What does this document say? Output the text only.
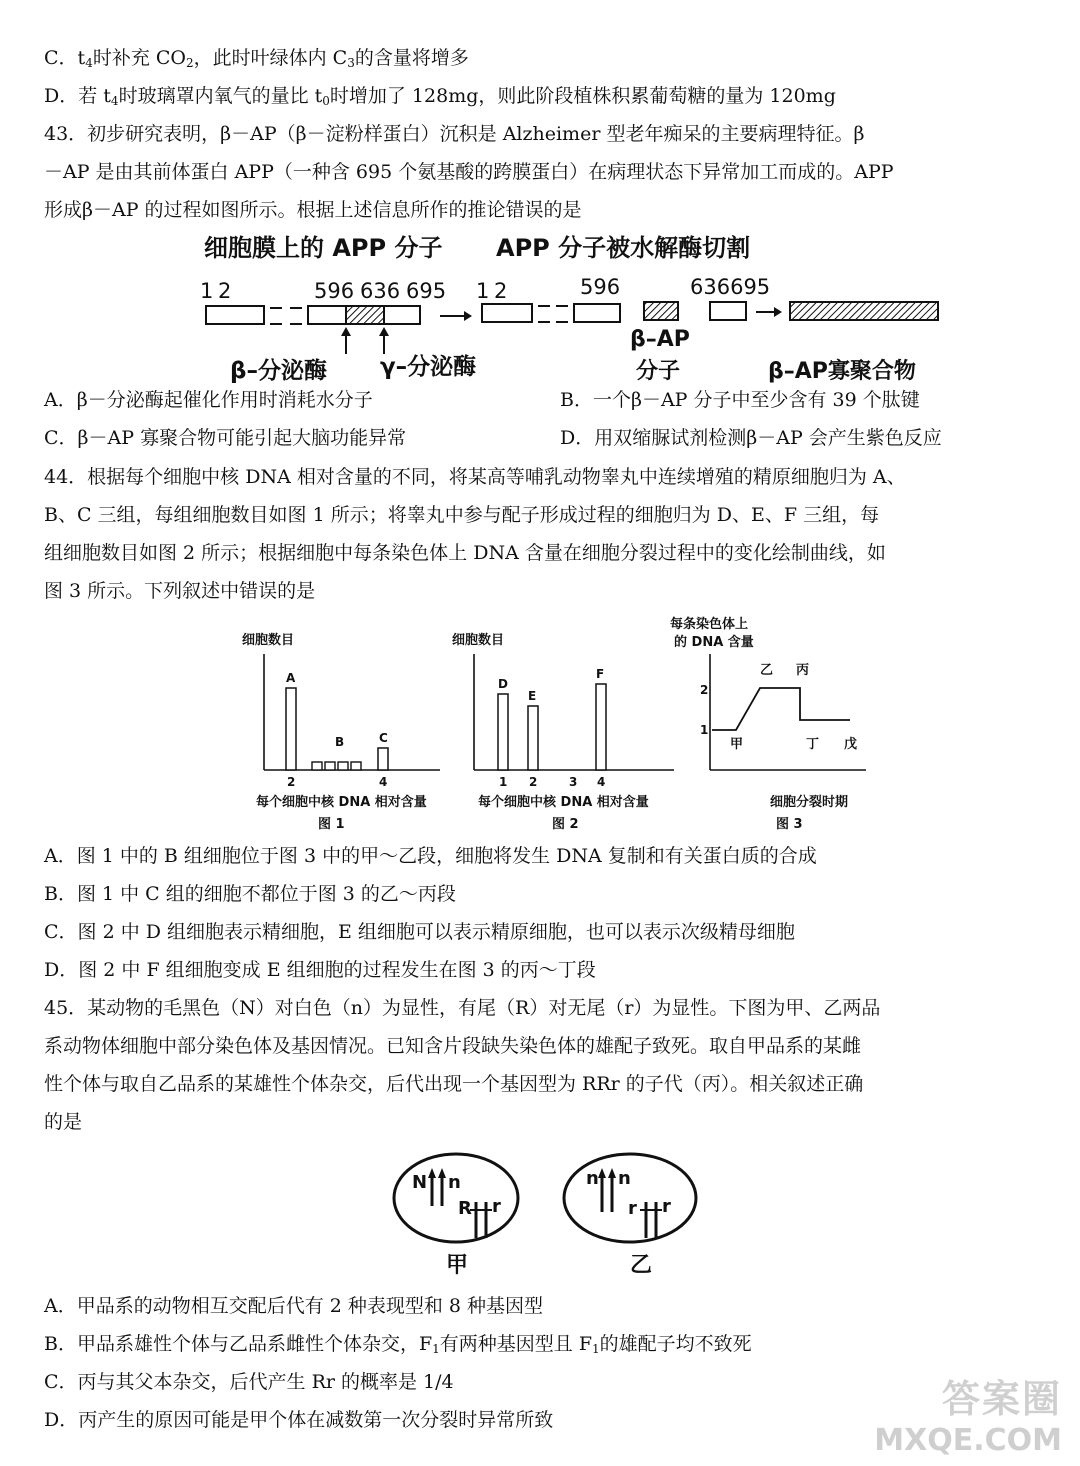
C．$t_4$时补充 $CO_2$，此时叶绿体内 $C_3$的含量将增多
D．若 $t_4$时玻璃罩内氧气的量比 $t_0$时增加了 128mg，则此阶段植株积累葡萄糖的量为 120mg
43．初步研究表明，β－AP（β－淀粉样蛋白）沉积是 Alzheimer 型老年痴呆的主要病理特征。β
－AP 是由其前体蛋白 APP（一种含 695 个氨基酸的跨膜蛋白）在病理状态下异常加工而成的。APP
形成β－AP 的过程如图所示。根据上述信息所作的推论错误的是
细胞膜上的 APP 分子 APP 分子被水解酶切割
1 2	596 636 695 1 2	596	636695
β–分泌酶 γ–分泌酶
β–AP
分子	β–AP寡聚合物
A．β－分泌酶起催化作用时消耗水分子	B．一个β－AP 分子中至少含有 39 个肽键
C．β－AP 寡聚合物可能引起大脑功能异常	D．用双缩脲试剂检测β－AP 会产生紫色反应
44．根据每个细胞中核 DNA 相对含量的不同，将某高等哺乳动物睾丸中连续增殖的精原细胞归为 A、
B、C 三组，每组细胞数目如图 1 所示；将睾丸中参与配子形成过程的细胞归为 D、E、F 三组，每
组细胞数目如图 2 所示；根据细胞中每条染色体上 DNA 含量在细胞分裂过程中的变化绘制曲线，如
图 3 所示。下列叙述中错误的是
细胞数目
A
B	C
2	4
每个细胞中核 DNA 相对含量
图 1
细胞数目
D
E
F
1 2	3 4
每个细胞中核 DNA 相对含量
图 2
每条染色体上
的 DNA 含量
2
1
乙 丙
甲	丁 戊
细胞分裂时期
图 3
A．图 1 中的 B 组细胞位于图 3 中的甲～乙段，细胞将发生 DNA 复制和有关蛋白质的合成
B．图 1 中 C 组的细胞不都位于图 3 的乙～丙段
C．图 2 中 D 组细胞表示精细胞，E 组细胞可以表示精原细胞，也可以表示次级精母细胞
D．图 2 中 F 组细胞变成 E 组细胞的过程发生在图 3 的丙～丁段
45．某动物的毛黑色（N）对白色（n）为显性，有尾（R）对无尾（r）为显性。下图为甲、乙两品
系动物体细胞中部分染色体及基因情况。已知含片段缺失染色体的雄配子致死。取自甲品系的某雌
性个体与取自乙品系的某雄性个体杂交，后代出现一个基因型为 RRr 的子代（丙）。相关叙述正确
的是
N n
R r
甲
n n
r r
乙
A．甲品系的动物相互交配后代有 2 种表现型和 8 种基因型
B．甲品系雄性个体与乙品系雌性个体杂交，$F_1$有两种基因型且 $F_1$的雄配子均不致死
C．丙与其父本杂交，后代产生 Rr 的概率是 1/4
D．丙产生的原因可能是甲个体在减数第一次分裂时异常所致	答案圈
MXQE.COM
